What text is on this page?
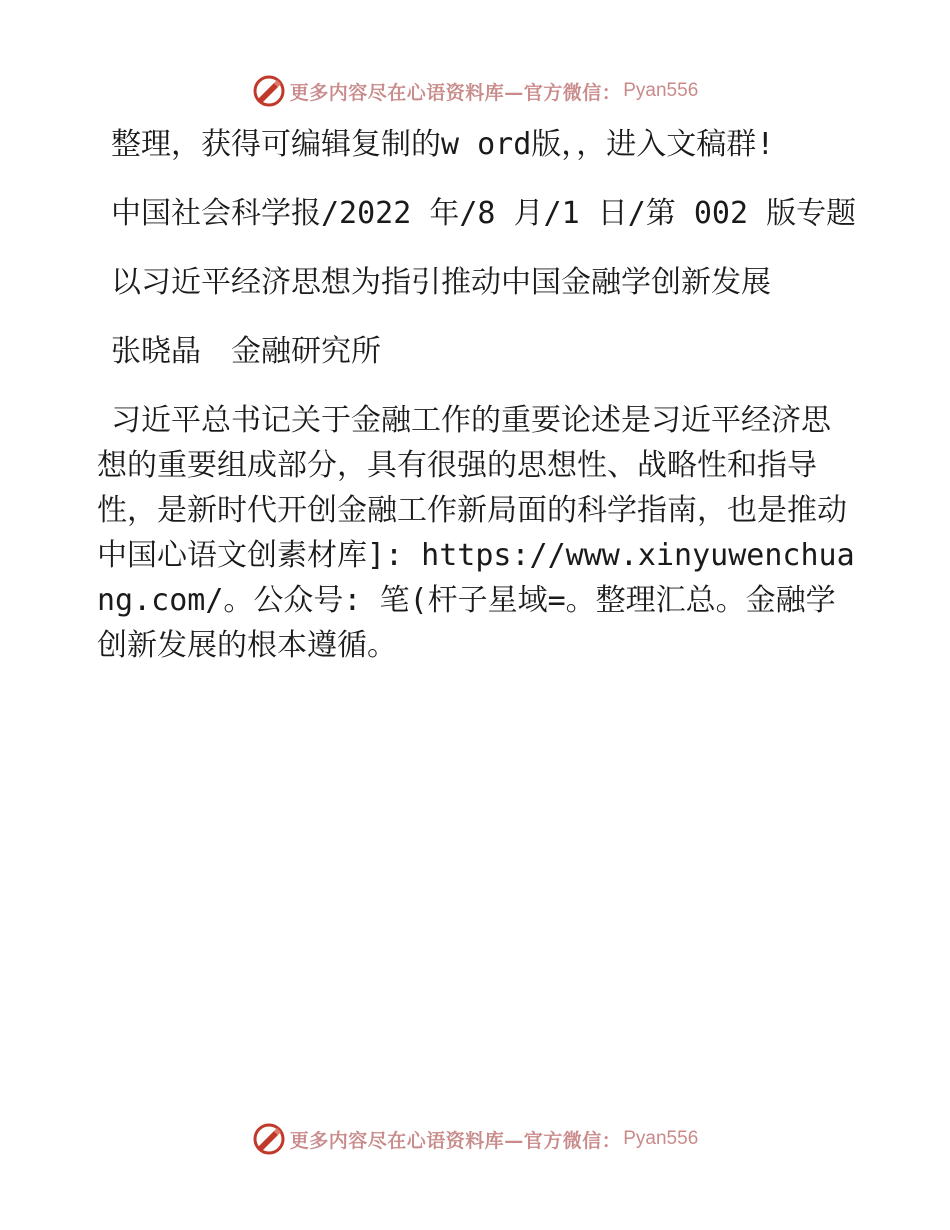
更多内容尽在心语资料库—官方微信： Pyan556

整理，获得可编辑复制的w ord版，，进入文稿群!

中国社会科学报/2022 年/8 月/1 日/第 002 版专题

以习近平经济思想为指引推动中国金融学创新发展

张晓晶　金融研究所

习近平总书记关于金融工作的重要论述是习近平经济思想的重要组成部分，具有很强的思想性、战略性和指导性，是新时代开创金融工作新局面的科学指南，也是推动中国心语文创素材库]: https://www.xinyuwenchuang.com/。公众号: 笔(杆子星域=。整理汇总。金融学创新发展的根本遵循。

更多内容尽在心语资料库—官方微信： Pyan556
